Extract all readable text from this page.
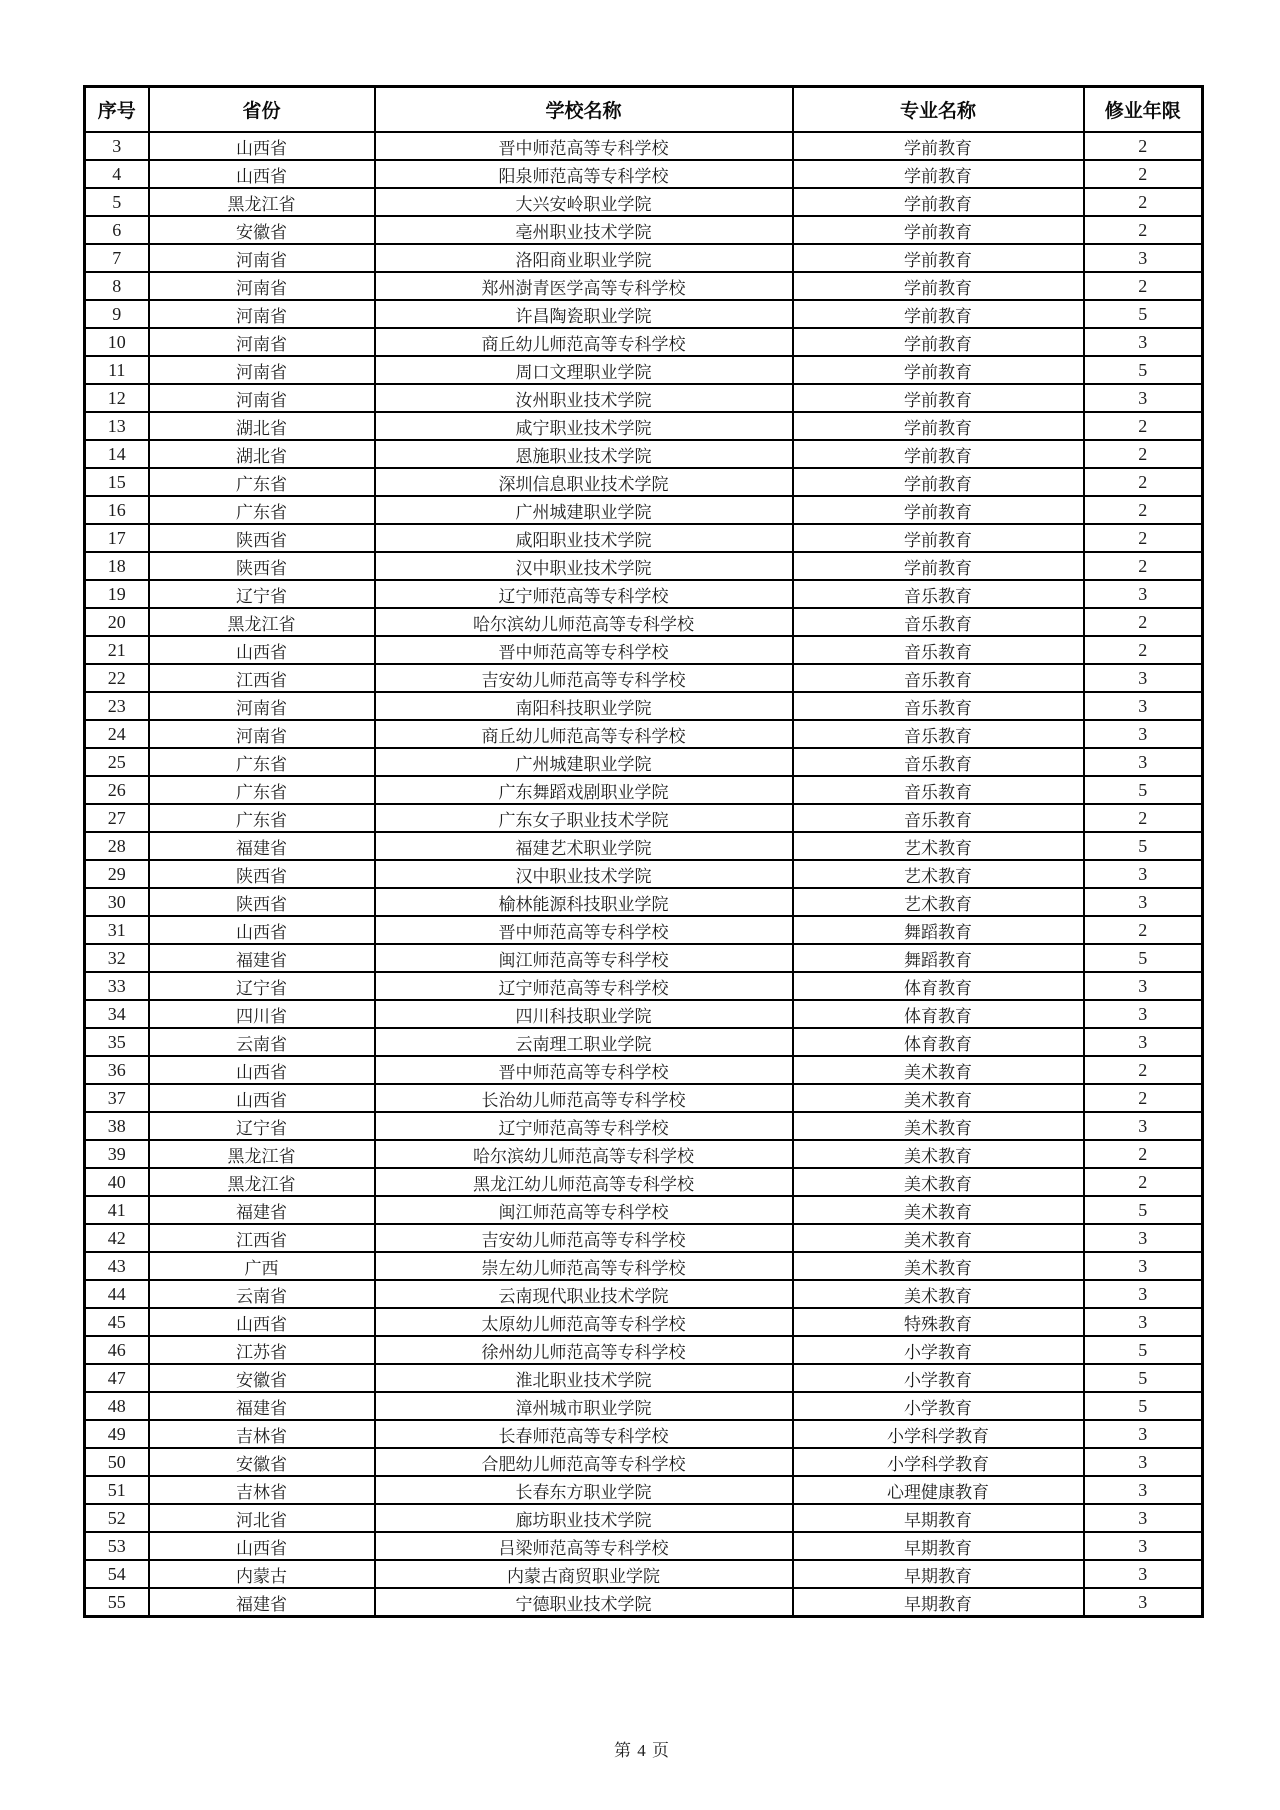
序号	省份	学校名称	专业名称	修业年限
3	山西省	晋中师范高等专科学校	学前教育	2
4	山西省	阳泉师范高等专科学校	学前教育	2
5	黑龙江省	大兴安岭职业学院	学前教育	2
6	安徽省	亳州职业技术学院	学前教育	2
7	河南省	洛阳商业职业学院	学前教育	3
8	河南省	郑州澍青医学高等专科学校	学前教育	2
9	河南省	许昌陶瓷职业学院	学前教育	5
10	河南省	商丘幼儿师范高等专科学校	学前教育	3
11	河南省	周口文理职业学院	学前教育	5
12	河南省	汝州职业技术学院	学前教育	3
13	湖北省	咸宁职业技术学院	学前教育	2
14	湖北省	恩施职业技术学院	学前教育	2
15	广东省	深圳信息职业技术学院	学前教育	2
16	广东省	广州城建职业学院	学前教育	2
17	陕西省	咸阳职业技术学院	学前教育	2
18	陕西省	汉中职业技术学院	学前教育	2
19	辽宁省	辽宁师范高等专科学校	音乐教育	3
20	黑龙江省	哈尔滨幼儿师范高等专科学校	音乐教育	2
21	山西省	晋中师范高等专科学校	音乐教育	2
22	江西省	吉安幼儿师范高等专科学校	音乐教育	3
23	河南省	南阳科技职业学院	音乐教育	3
24	河南省	商丘幼儿师范高等专科学校	音乐教育	3
25	广东省	广州城建职业学院	音乐教育	3
26	广东省	广东舞蹈戏剧职业学院	音乐教育	5
27	广东省	广东女子职业技术学院	音乐教育	2
28	福建省	福建艺术职业学院	艺术教育	5
29	陕西省	汉中职业技术学院	艺术教育	3
30	陕西省	榆林能源科技职业学院	艺术教育	3
31	山西省	晋中师范高等专科学校	舞蹈教育	2
32	福建省	闽江师范高等专科学校	舞蹈教育	5
33	辽宁省	辽宁师范高等专科学校	体育教育	3
34	四川省	四川科技职业学院	体育教育	3
35	云南省	云南理工职业学院	体育教育	3
36	山西省	晋中师范高等专科学校	美术教育	2
37	山西省	长治幼儿师范高等专科学校	美术教育	2
38	辽宁省	辽宁师范高等专科学校	美术教育	3
39	黑龙江省	哈尔滨幼儿师范高等专科学校	美术教育	2
40	黑龙江省	黑龙江幼儿师范高等专科学校	美术教育	2
41	福建省	闽江师范高等专科学校	美术教育	5
42	江西省	吉安幼儿师范高等专科学校	美术教育	3
43	广西	崇左幼儿师范高等专科学校	美术教育	3
44	云南省	云南现代职业技术学院	美术教育	3
45	山西省	太原幼儿师范高等专科学校	特殊教育	3
46	江苏省	徐州幼儿师范高等专科学校	小学教育	5
47	安徽省	淮北职业技术学院	小学教育	5
48	福建省	漳州城市职业学院	小学教育	5
49	吉林省	长春师范高等专科学校	小学科学教育	3
50	安徽省	合肥幼儿师范高等专科学校	小学科学教育	3
51	吉林省	长春东方职业学院	心理健康教育	3
52	河北省	廊坊职业技术学院	早期教育	3
53	山西省	吕梁师范高等专科学校	早期教育	3
54	内蒙古	内蒙古商贸职业学院	早期教育	3
55	福建省	宁德职业技术学院	早期教育	3
第 4 页
